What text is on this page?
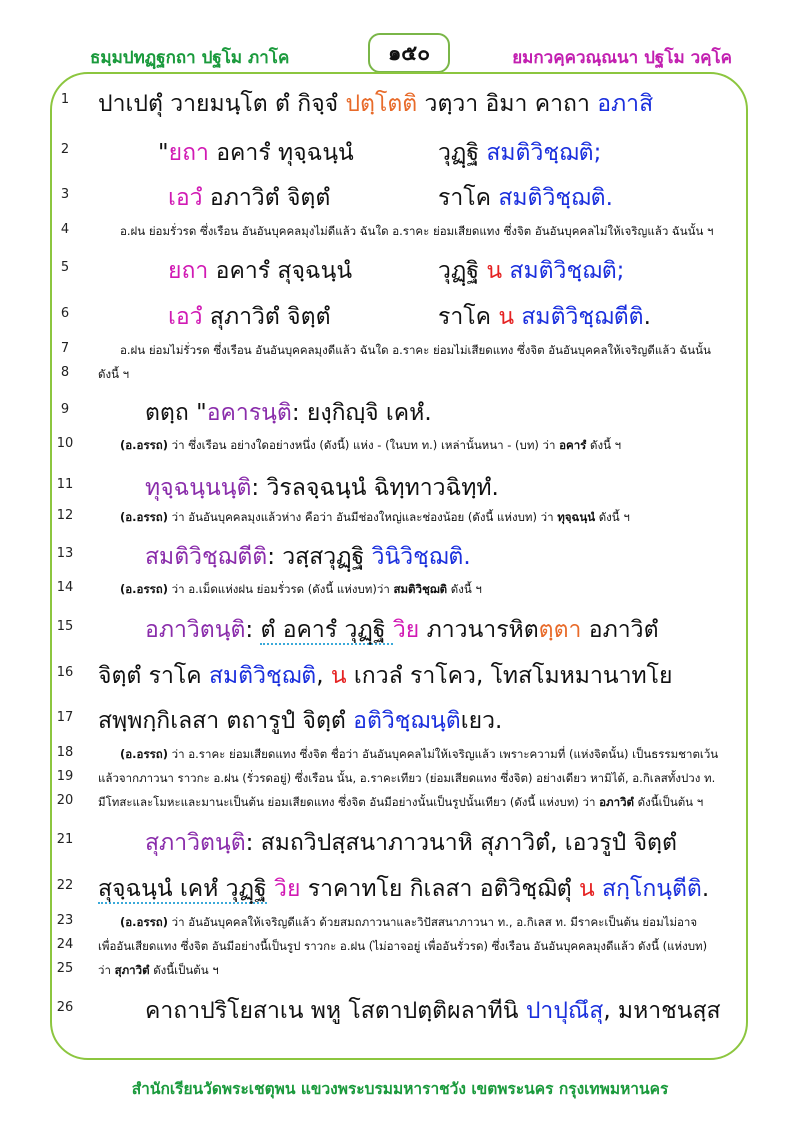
ธมฺมปทฏฺฐกถา ปฐโม ภาโค	๑๕๐	ยมกวคฺควณฺณนา ปฐโม วคฺโค
1
2
3
4
5
6
7
8
9
10
11
12
13
14
15
16
17
18
19
20
21
22
23
24
25
26
ปาเปตุํ วายมนฺโต ตํ กิจฺจํ ปตฺโตติ วตฺวา อิมา คาถา อภาสิ
"ยถา อคารํ ทุจฺฉนฺนํ	วุฏฺฐิ สมติวิชฺฌติ;
เอวํ อภาวิตํ จิตฺตํ	ราโค สมติวิชฺฌติ.
อ.ฝน ย่อมรั่วรด ซึ่งเรือน อันอันบุคคลมุงไม่ดีแล้ว ฉันใด อ.ราคะ ย่อมเสียดแทง ซึ่งจิต อันอันบุคคลไม่ให้เจริญแล้ว ฉันนั้น ฯ
ยถา อคารํ สุจฺฉนฺนํ	วุฏฺฐิ น สมติวิชฺฌติ;
เอวํ สุภาวิตํ จิตฺตํ	ราโค น สมติวิชฺฌตีติ.
อ.ฝน ย่อมไม่รั่วรด ซึ่งเรือน อันอันบุคคลมุงดีแล้ว ฉันใด อ.ราคะ ย่อมไม่เสียดแทง ซึ่งจิต อันอันบุคคลให้เจริญดีแล้ว ฉันนั้น
ดังนี้ ฯ
ตตฺถ "อคารนฺติ: ยงฺกิญฺจิ เคหํ.
(อ.อรรถ) ว่า ซึ่งเรือน อย่างใดอย่างหนึ่ง (ดังนี้) แห่ง - (ในบท ท.) เหล่านั้นหนา - (บท) ว่า อคารํ ดังนี้ ฯ
ทุจฺฉนฺนนฺติ: วิรลจฺฉนฺนํ ฉิทฺทาวฉิทฺทํ.
(อ.อรรถ) ว่า อันอันบุคคลมุงแล้วห่าง คือว่า อันมีช่องใหญ่และช่องน้อย (ดังนี้ แห่งบท) ว่า ทุจฺฉนฺนํ ดังนี้ ฯ
สมติวิชฺฌตีติ: วสฺสวุฏฺฐิ วินิวิชฺฌติ.
(อ.อรรถ) ว่า อ.เม็ดแห่งฝน ย่อมรั่วรด (ดังนี้ แห่งบท)ว่า สมติวิชฺฌติ ดังนี้ ฯ
อภาวิตนฺติ: ตํ อคารํ วุฏฺฐิ วิย ภาวนารหิตตฺตา อภาวิตํ
จิตฺตํ ราโค สมติวิชฺฌติ, น เกวลํ ราโคว, โทสโมหมานาทโย
สพฺพกฺกิเลสา ตถารูปํ จิตฺตํ อติวิชฺฌนฺติเยว.
(อ.อรรถ) ว่า อ.ราคะ ย่อมเสียดแทง ซึ่งจิต ชื่อว่า อันอันบุคคลไม่ให้เจริญแล้ว เพราะความที่ (แห่งจิตนั้น) เป็นธรรมชาตเว้น
แล้วจากภาวนา ราวกะ อ.ฝน (รั่วรดอยู่) ซึ่งเรือน นั้น, อ.ราคะเทียว (ย่อมเสียดแทง ซึ่งจิต) อย่างเดียว หามิได้, อ.กิเลสทั้งปวง ท.
มีโทสะและโมหะและมานะเป็นต้น ย่อมเสียดแทง ซึ่งจิต อันมีอย่างนั้นเป็นรูปนั้นเทียว (ดังนี้ แห่งบท) ว่า อภาวิตํ ดังนี้เป็นต้น ฯ
สุภาวิตนฺติ: สมถวิปสฺสนาภาวนาหิ สุภาวิตํ, เอวรูปํ จิตฺตํ
สุจฺฉนฺนํ เคหํ วุฏฺฐิ วิย ราคาทโย กิเลสา อติวิชฺฌิตุํ น สกฺโกนฺตีติ.
(อ.อรรถ) ว่า อันอันบุคคลให้เจริญดีแล้ว ด้วยสมถภาวนาและวิปัสสนาภาวนา ท., อ.กิเลส ท. มีราคะเป็นต้น ย่อมไม่อาจ
เพื่ออันเสียดแทง ซึ่งจิต อันมีอย่างนี้เป็นรูป ราวกะ อ.ฝน (ไม่อาจอยู่ เพื่ออันรั่วรด) ซึ่งเรือน อันอันบุคคลมุงดีแล้ว ดังนี้ (แห่งบท)
ว่า สุภาวิตํ ดังนี้เป็นต้น ฯ
คาถาปริโยสาเน พหู โสตาปตฺติผลาทีนิ ปาปุณึสุ, มหาชนสฺส
สำนักเรียนวัดพระเชตุพน แขวงพระบรมมหาราชวัง เขตพระนคร กรุงเทพมหานคร
